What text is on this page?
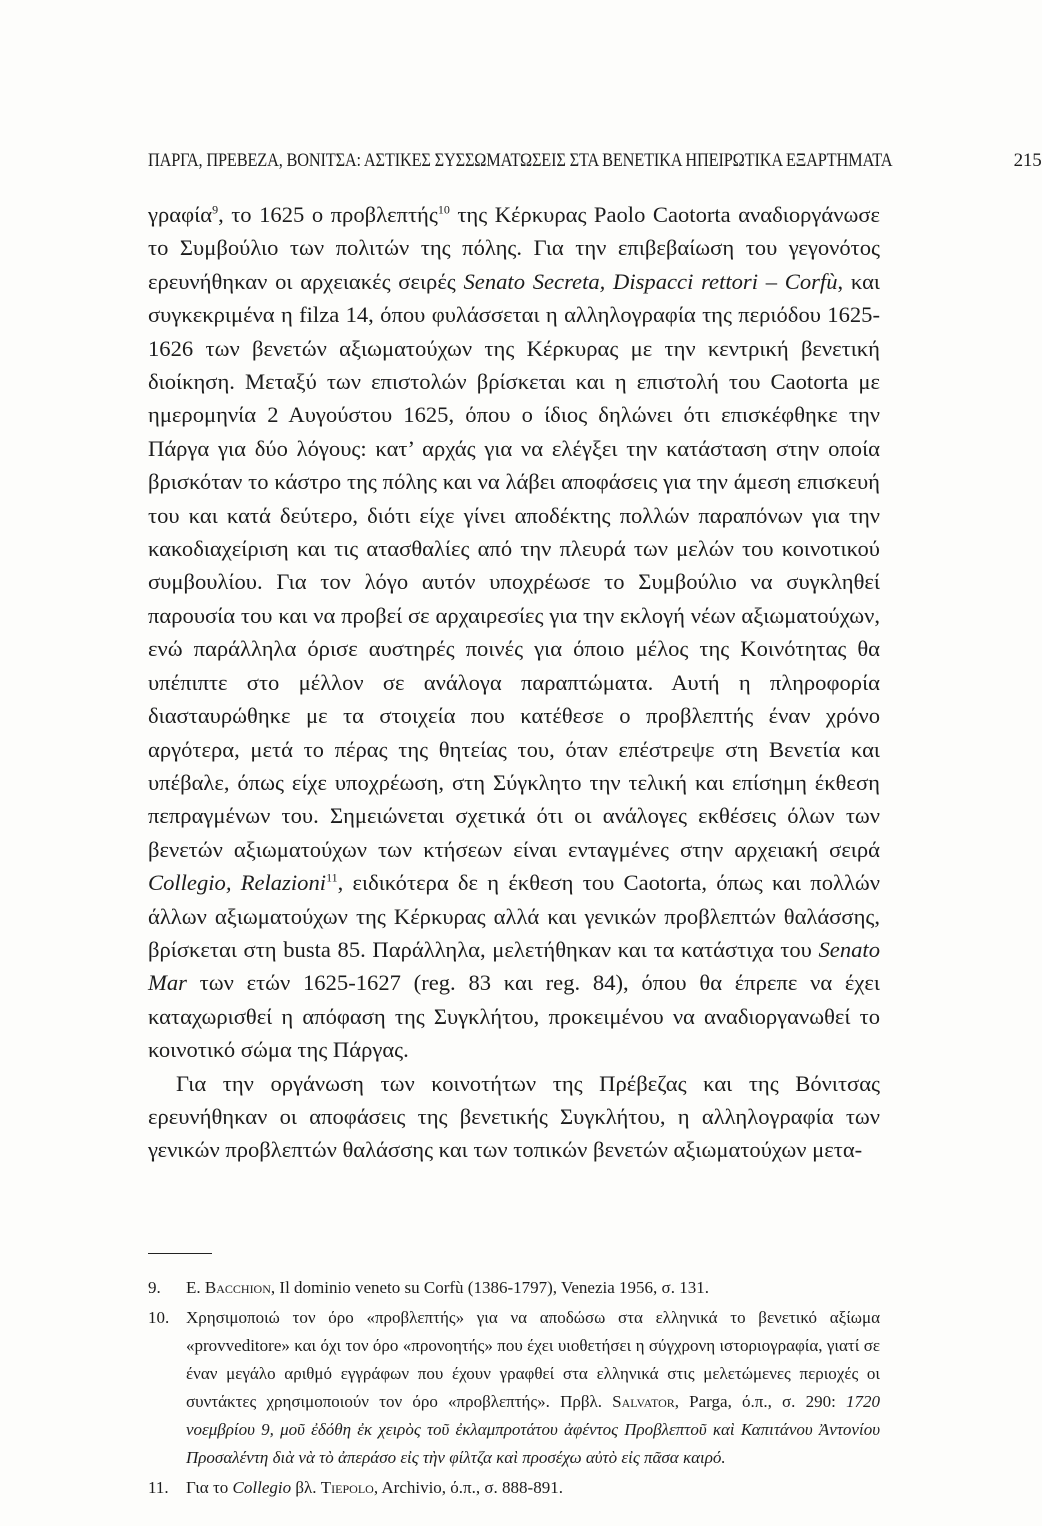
ΠΑΡΓΑ, ΠΡΕΒΕΖΑ, ΒΟΝΙΤΣΑ: ΑΣΤΙΚΕΣ ΣΥΣΣΩΜΑΤΩΣΕΙΣ ΣΤΑ ΒΕΝΕΤΙΚΑ ΗΠΕΙΡΩΤΙΚΑ ΕΞΑΡΤΗΜΑΤΑ	215

γραφία$^9$, το 1625 ο προβλεπτής$^{10}$ της Κέρκυρας Paolo Caotorta αναδιοργάνωσε το Συμβούλιο των πολιτών της πόλης. Για την επιβεβαίωση του γεγονότος ερευνήθηκαν οι αρχειακές σειρές Senato Secreta, Dispacci rettori – Corfù, και συγκεκριμένα η filza 14, όπου φυλάσσεται η αλληλογραφία της περιόδου 1625-1626 των βενετών αξιωματούχων της Κέρκυρας με την κεντρική βενετική διοίκηση. Μεταξύ των επιστολών βρίσκεται και η επιστολή του Caotorta με ημερομηνία 2 Αυγούστου 1625, όπου ο ίδιος δηλώνει ότι επισκέφθηκε την Πάργα για δύο λόγους: κατ’ αρχάς για να ελέγξει την κατάσταση στην οποία βρισκόταν το κάστρο της πόλης και να λάβει αποφάσεις για την άμεση επισκευή του και κατά δεύτερο, διότι είχε γίνει αποδέκτης πολλών παραπόνων για την κακοδιαχείριση και τις ατασθαλίες από την πλευρά των μελών του κοινοτικού συμβουλίου. Για τον λόγο αυτόν υποχρέωσε το Συμβούλιο να συγκληθεί παρουσία του και να προβεί σε αρχαιρεσίες για την εκλογή νέων αξιωματούχων, ενώ παράλληλα όρισε αυστηρές ποινές για όποιο μέλος της Κοινότητας θα υπέπιπτε στο μέλλον σε ανάλογα παραπτώματα. Αυτή η πληροφορία διασταυρώθηκε με τα στοιχεία που κατέθεσε ο προβλεπτής έναν χρόνο αργότερα, μετά το πέρας της θητείας του, όταν επέστρεψε στη Βενετία και υπέβαλε, όπως είχε υποχρέωση, στη Σύγκλητο την τελική και επίσημη έκθεση πεπραγμένων του. Σημειώνεται σχετικά ότι οι ανάλογες εκθέσεις όλων των βενετών αξιωματούχων των κτήσεων είναι ενταγμένες στην αρχειακή σειρά Collegio, Relazioni$^{11}$, ειδικότερα δε η έκθεση του Caotorta, όπως και πολλών άλλων αξιωματούχων της Κέρκυρας αλλά και γενικών προβλεπτών θαλάσσης, βρίσκεται στη busta 85. Παράλληλα, μελετήθηκαν και τα κατάστιχα του Senato Mar των ετών 1625-1627 (reg. 83 και reg. 84), όπου θα έπρεπε να έχει καταχωρισθεί η απόφαση της Συγκλήτου, προκειμένου να αναδιοργανωθεί το κοινοτικό σώμα της Πάργας.

Για την οργάνωση των κοινοτήτων της Πρέβεζας και της Βόνιτσας ερευνήθηκαν οι αποφάσεις της βενετικής Συγκλήτου, η αλληλογραφία των γενικών προβλεπτών θαλάσσης και των τοπικών βενετών αξιωματούχων μετα-

9.	E. Bacchion, Il dominio veneto su Corfù (1386-1797), Venezia 1956, σ. 131.
10. Χρησιμοποιώ τον όρο «προβλεπτής» για να αποδώσω στα ελληνικά το βενετικό αξίωμα «provveditore» και όχι τον όρο «προνοητής» που έχει υιοθετήσει η σύγχρονη ιστοριογραφία, γιατί σε έναν μεγάλο αριθμό εγγράφων που έχουν γραφθεί στα ελληνικά στις μελετώμενες περιοχές οι συντάκτες χρησιμοποιούν τον όρο «προβλεπτής». Πρβλ. Salvator, Parga, ό.π., σ. 290: 1720 νοεμβρίου 9, μοῦ ἐδόθη ἐκ χειρὸς τοῦ ἐκλαμπροτάτου ἀφέντος Προβλεπτοῦ καὶ Καπιτάνου Ἀντονίου Προσαλέντη διὰ νὰ τὸ ἀπεράσο εἰς τὴν φίλτζα καὶ προσέχω αὐτὸ εἰς πᾶσα καιρό.
11.	Για το Collegio βλ. Tiepolo, Archivio, ό.π., σ. 888-891.
